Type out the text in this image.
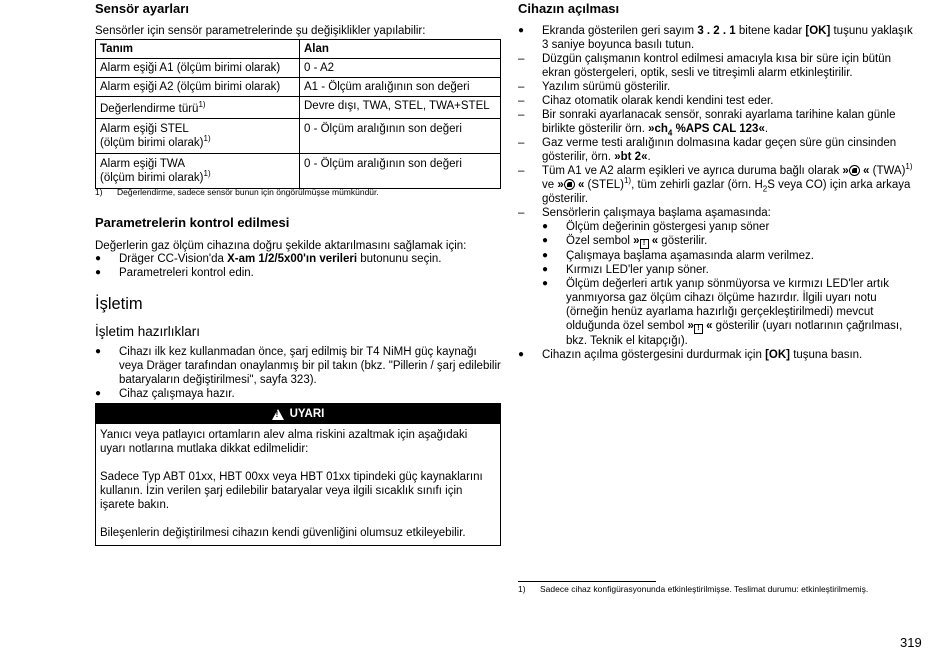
Sensör ayarları

Sensörler için sensör parametrelerinde şu değişiklikler yapılabilir:

Tanım	Alan
Alarm eşiği A1 (ölçüm birimi olarak)	0 - A2
Alarm eşiği A2 (ölçüm birimi olarak)	A1 - Ölçüm aralığının son değeri
Değerlendirme türü$^{1)}$	Devre dışı, TWA, STEL, TWA+STEL
Alarm eşiği STEL
(ölçüm birimi olarak)$^{1)}$	0 - Ölçüm aralığının son değeri
Alarm eşiği TWA
(ölçüm birimi olarak)$^{1)}$	0 - Ölçüm aralığının son değeri
1)	Değerlendirme, sadece sensör bunun için öngörülmüşse mümkündür.
Parametrelerin kontrol edilmesi

Değerlerin gaz ölçüm cihazına doğru şekilde aktarılmasını sağlamak için:

● Dräger CC-Vision'da X-am 1/2/5x00'ın verileri butonunu seçin.
● Parametreleri kontrol edin.
İşletim
İşletim hazırlıkları
● Cihazı ilk kez kullanmadan önce, şarj edilmiş bir T4 NiMH güç kaynağı veya Dräger tarafından onaylanmış bir pil takın (bkz. "Pillerin / şarj edilebilir bataryaların değiştirilmesi", sayfa 323).
● Cihaz çalışmaya hazır.
!
UYARI

Yanıcı veya patlayıcı ortamların alev alma riskini azaltmak için aşağıdaki uyarı notlarına mutlaka dikkat edilmelidir:

Sadece Typ ABT 01xx, HBT 00xx veya HBT 01xx tipindeki güç kaynaklarını kullanın. İzin verilen şarj edilebilir bataryalar veya ilgili sıcaklık sınıfı için işarete bakın.

Bileşenlerin değiştirilmesi cihazın kendi güvenliğini olumsuz etkileyebilir.

Cihazın açılması
● Ekranda gösterilen geri sayım 3 . 2 . 1 bitene kadar [OK] tuşunu yaklaşık 3 saniye boyunca basılı tutun.
– Düzgün çalışmanın kontrol edilmesi amacıyla kısa bir süre için bütün ekran göstergeleri, optik, sesli ve titreşimli alarm etkinleştirilir.
– Yazılım sürümü gösterilir.
– Cihaz otomatik olarak kendi kendini test eder.
– Bir sonraki ayarlanacak sensör, sonraki ayarlama tarihine kalan günle birlikte gösterilir örn. $»ch_4$ %APS CAL 123«.
– Gaz verme testi aralığının dolmasına kadar geçen süre gün cinsinden gösterilir, örn. »bt 2«.
– Tüm A1 ve A2 alarm eşikleri ve ayrıca duruma bağlı olarak » « (TWA)$^{1)}$ ve » « (STEL)$^{1)}$, tüm zehirli gazlar (örn. $H_2S$ veya CO) için arka arkaya gösterilir.
– Sensörlerin çalışmaya başlama aşamasında:
● Ölçüm değerinin göstergesi yanıp söner
● Özel sembol » ! « gösterilir.
● Çalışmaya başlama aşamasında alarm verilmez.
● Kırmızı LED'ler yanıp söner.
● Ölçüm değerleri artık yanıp sönmüyorsa ve kırmızı LED'ler artık yanmıyorsa gaz ölçüm cihazı ölçüme hazırdır. İlgili uyarı notu (örneğin henüz ayarlama hazırlığı gerçekleştirilmedi) mevcut olduğunda özel sembol » ! « gösterilir (uyarı notlarının çağrılması, bkz. Teknik el kitapçığı).
● Cihazın açılma göstergesini durdurmak için [OK] tuşuna basın.
1)	Sadece cihaz konfigürasyonunda etkinleştirilmişse. Teslimat durumu: etkinleştirilmemiş.
319
